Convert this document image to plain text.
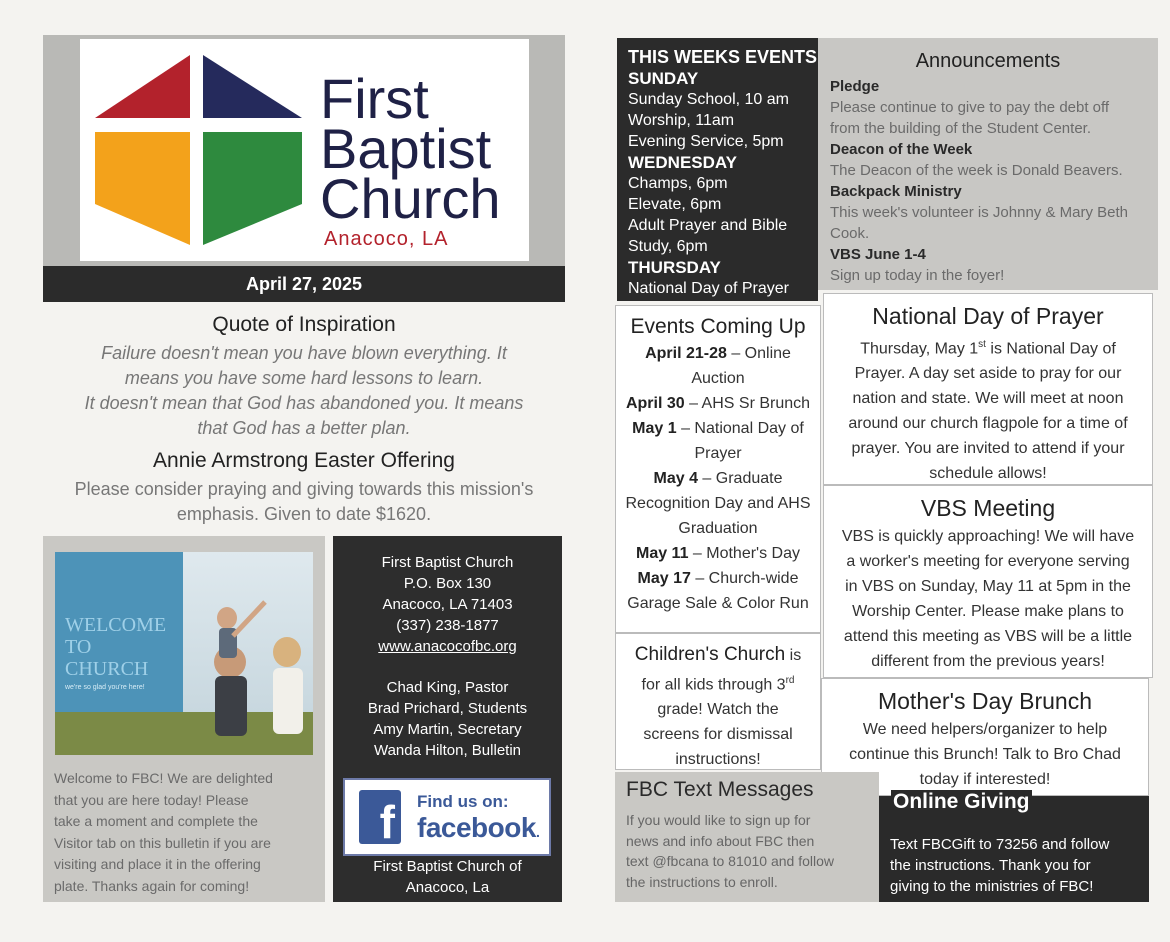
First
Baptist
Church
Anacoco, LA
April 27, 2025
Quote of Inspiration
Failure doesn't mean you have blown everything. It
means you have some hard lessons to learn.
It doesn't mean that God has abandoned you. It means
that God has a better plan.
Annie Armstrong Easter Offering
Please consider praying and giving towards this mission's
emphasis. Given to date $1620.
WELCOME
TO
CHURCH
we're so glad you're here!
Welcome to FBC! We are delighted
that you are here today! Please
take a moment and complete the
Visitor tab on this bulletin if you are
visiting and place it in the offering
plate. Thanks again for coming!
First Baptist Church
P.O. Box 130
Anacoco, LA 71403
(337) 238-1877
www.anacocofbc.org
Chad King, Pastor
Brad Prichard, Students
Amy Martin, Secretary
Wanda Hilton, Bulletin
f	Find us on:
facebook.
First Baptist Church of
Anacoco, La
THIS WEEKS EVENTS
SUNDAY
Sunday School, 10 am
Worship, 11am
Evening Service, 5pm
WEDNESDAY
Champs, 6pm
Elevate, 6pm
Adult Prayer and Bible
Study, 6pm
THURSDAY
National Day of Prayer
Announcements
Pledge
Please continue to give to pay the debt off
from the building of the Student Center.
Deacon of the Week
The Deacon of the week is Donald Beavers.
Backpack Ministry
This week's volunteer is Johnny & Mary Beth
Cook.
VBS June 1-4
Sign up today in the foyer!
Events Coming Up
April 21-28 – Online
Auction
April 30 – AHS Sr Brunch
May 1 – National Day of
Prayer
May 4 – Graduate
Recognition Day and AHS
Graduation
May 11 – Mother's Day
May 17 – Church-wide
Garage Sale & Color Run

Children's Church is

for all kids through 3rd

grade! Watch the

screens for dismissal

instructions!

National Day of Prayer
Thursday, May 1st is National Day of
Prayer. A day set aside to pray for our
nation and state. We will meet at noon
around our church flagpole for a time of
prayer. You are invited to attend if your
schedule allows!
VBS Meeting
VBS is quickly approaching! We will have
a worker's meeting for everyone serving
in VBS on Sunday, May 11 at 5pm in the
Worship Center. Please make plans to
attend this meeting as VBS will be a little
different from the previous years!
Mother's Day Brunch
We need helpers/organizer to help
continue this Brunch! Talk to Bro Chad
today if interested!
FBC Text Messages
If you would like to sign up for
news and info about FBC then
text @fbcana to 81010 and follow
the instructions to enroll.
Online Giving
Text FBCGift to 73256 and follow
the instructions. Thank you for
giving to the ministries of FBC!
